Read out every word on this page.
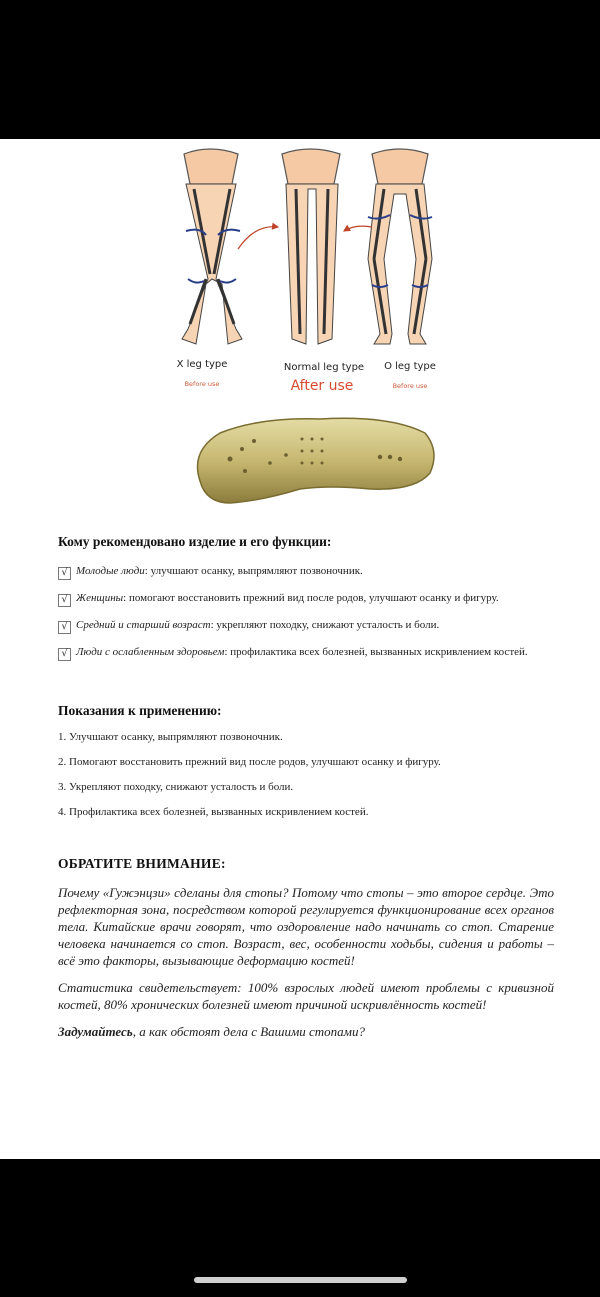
X leg type
Before use
Normal leg type
After use
O leg type
Before use
Кому рекомендовано изделие и его функции:

√ Молодые люди: улучшают осанку, выпрямляют позвоночник.

√ Женщины: помогают восстановить прежний вид после родов, улучшают осанку и фигуру.

√ Средний и старший возраст: укрепляют походку, снижают усталость и боли.

√ Люди с ослабленным здоровьем: профилактика всех болезней, вызванных искривлением костей.

Показания к применению:

1. Улучшают осанку, выпрямляют позвоночник.

2. Помогают восстановить прежний вид после родов, улучшают осанку и фигуру.

3. Укрепляют походку, снижают усталость и боли.

4. Профилактика всех болезней, вызванных искривлением костей.

ОБРАТИТЕ ВНИМАНИЕ:

Почему «Гужэнцзи» сделаны для стопы? Потому что стопы – это второе сердце. Это рефлекторная зона, посредством которой регулируется функционирование всех органов тела. Китайские врачи говорят, что оздоровление надо начинать со стоп. Старение человека начинается со стоп. Возраст, вес, особенности ходьбы, сидения и работы – всё это факторы, вызывающие деформацию костей!

Статистика свидетельствует: 100% взрослых людей имеют проблемы с кривизной костей, 80% хронических болезней имеют причиной искривлённость костей!

Задумайтесь, а как обстоят дела с Вашими стопами?
